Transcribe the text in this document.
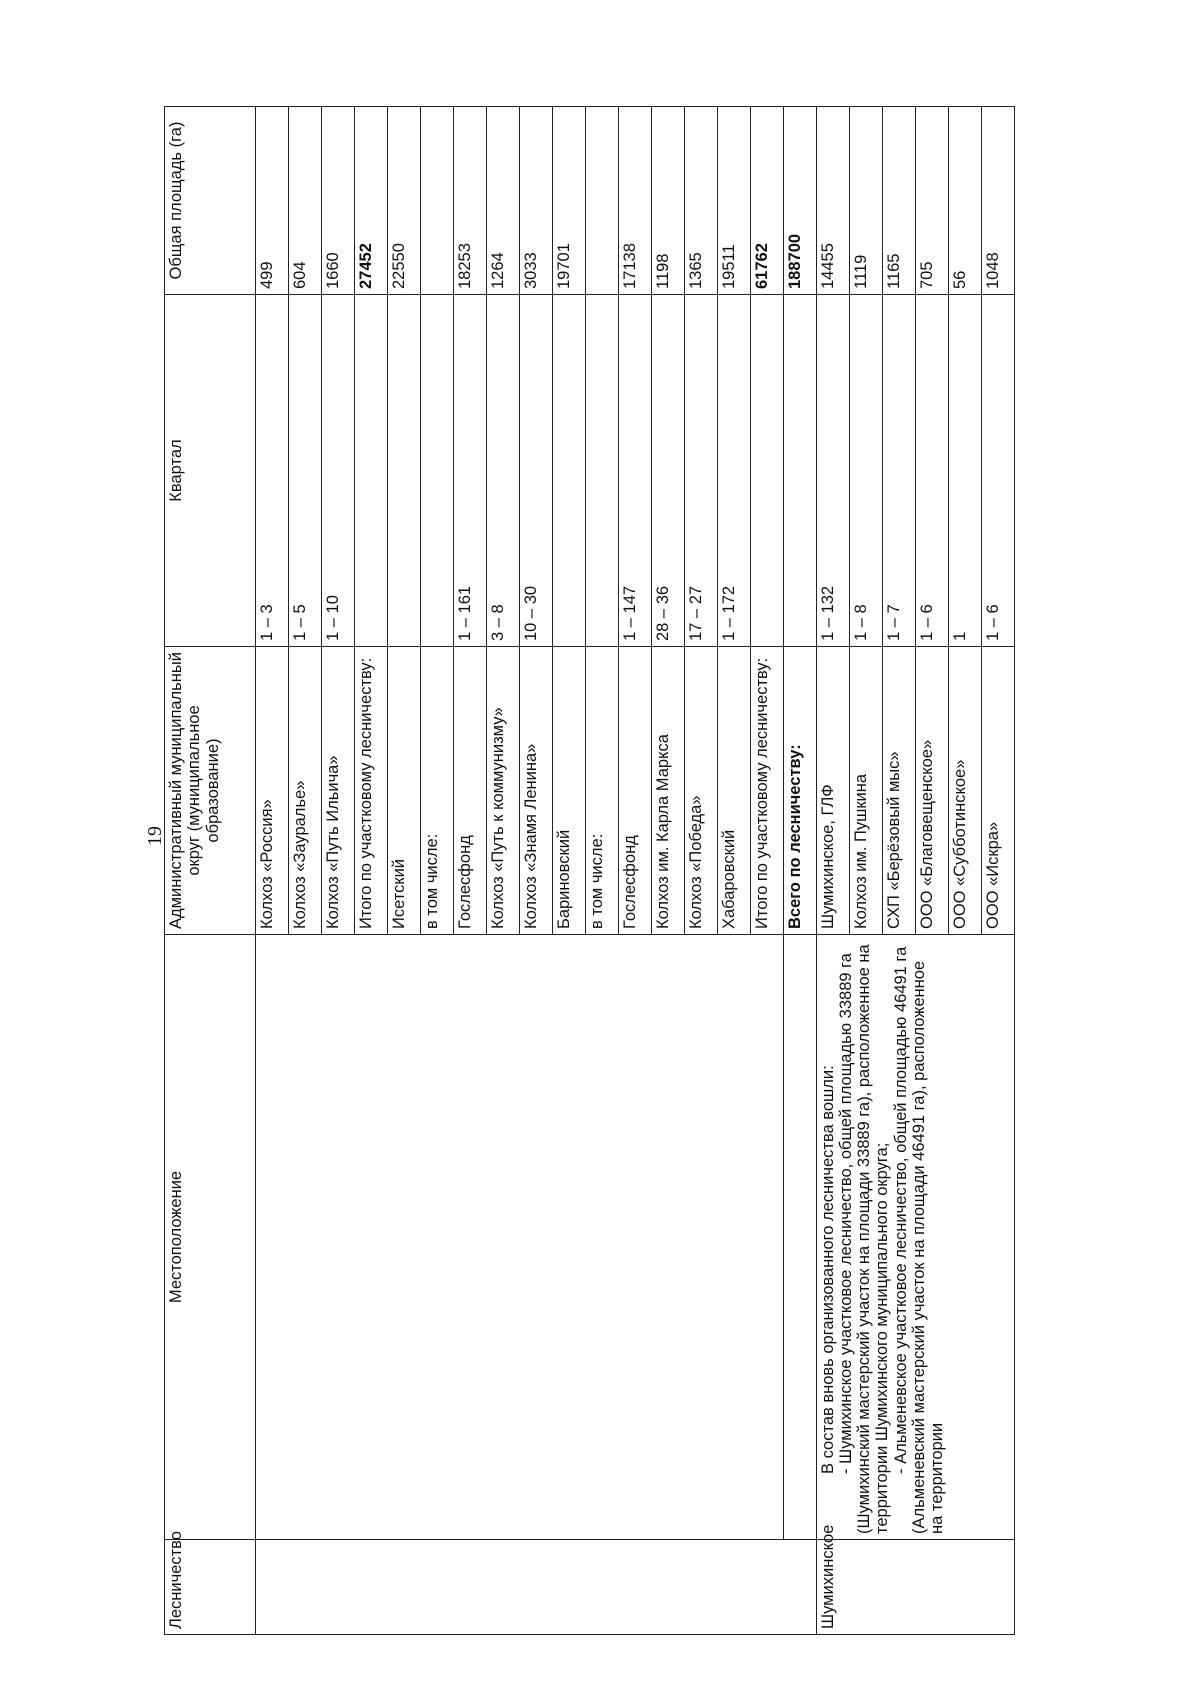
19
Лесничество	Местоположение	Административный муниципальный округ (муниципальное образование)	Квартал	Общая площадь (га)
		Колхоз «Россия»	1 – 3	499
		Колхоз «Зауралье»	1 – 5	604
		Колхоз «Путь Ильича»	1 – 10	1660
		Итого по участковому лесничеству:		27452
		Исетский		22550
		в том числе:		
		Гослесфонд	1 – 161	18253
		Колхоз «Путь к коммунизму»	3 – 8	1264
		Колхоз «Знамя Ленина»	10 – 30	3033
		Бариновский		19701
		в том числе:		
		Гослесфонд	1 – 147	17138
		Колхоз им. Карла Маркса	28 – 36	1198
		Колхоз «Победа»	17 – 27	1365
		Хабаровский	1 – 172	19511
		Итого по участковому лесничеству:		61762
		Всего по лесничеству:		188700
Шумихинское	В состав вновь организованного лесничества вошли: - Шумихинское участковое лесничество, общей площадью 33889 га (Шумихинский мастерский участок на площади 33889 га), расположенное на территории Шумихинского муниципального округа; - Альменевское участковое лесничество, общей площадью 46491 га (Альменевский мастерский участок на площади 46491 га), расположенное на территории	Шумихинское, ГЛФ	1 – 132	14455
		Колхоз им. Пушкина	1 – 8	1119
		СХП «Берёзовый мыс»	1 – 7	1165
		ООО «Благовещенское»	1 – 6	705
		ООО «Субботинское»	1	56
		ООО «Искра»	1 – 6	1048
